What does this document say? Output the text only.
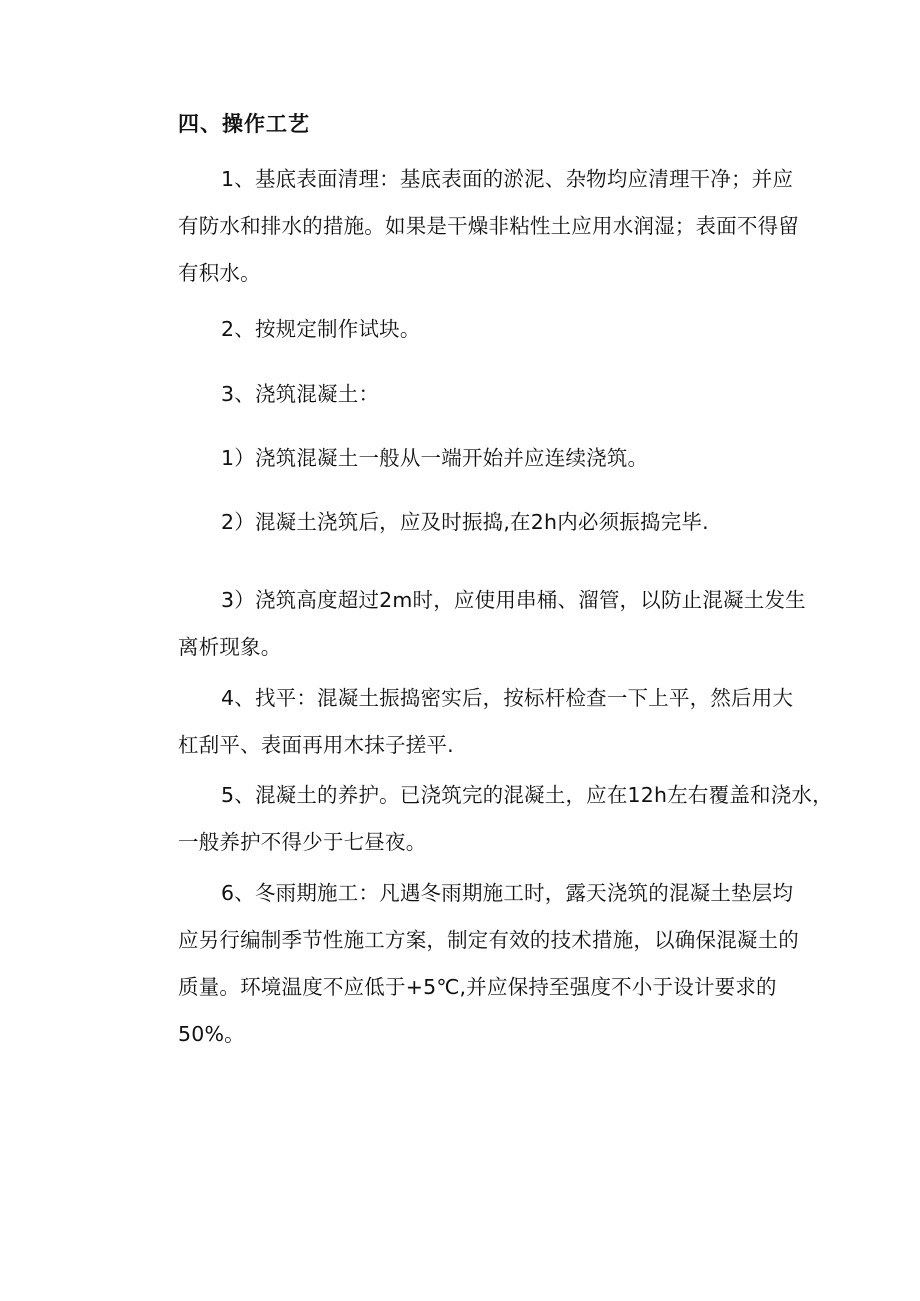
四、操作工艺
1、基底表面清理：基底表面的淤泥、杂物均应清理干净；并应
有防水和排水的措施。如果是干燥非粘性土应用水润湿；表面不得留
有积水。
2、按规定制作试块。
3、浇筑混凝土：
1）浇筑混凝土一般从一端开始并应连续浇筑。
2）混凝土浇筑后，应及时振捣,在2h内必须振捣完毕.
3）浇筑高度超过2m时，应使用串桶、溜管，以防止混凝土发生
离析现象。
4、找平：混凝土振捣密实后，按标杆检查一下上平，然后用大
杠刮平、表面再用木抹子搓平.
5、混凝土的养护。已浇筑完的混凝土，应在12h左右覆盖和浇水，
一般养护不得少于七昼夜。
6、冬雨期施工：凡遇冬雨期施工时，露天浇筑的混凝土垫层均
应另行编制季节性施工方案，制定有效的技术措施，以确保混凝土的
质量。环境温度不应低于+5℃,并应保持至强度不小于设计要求的
50%。
